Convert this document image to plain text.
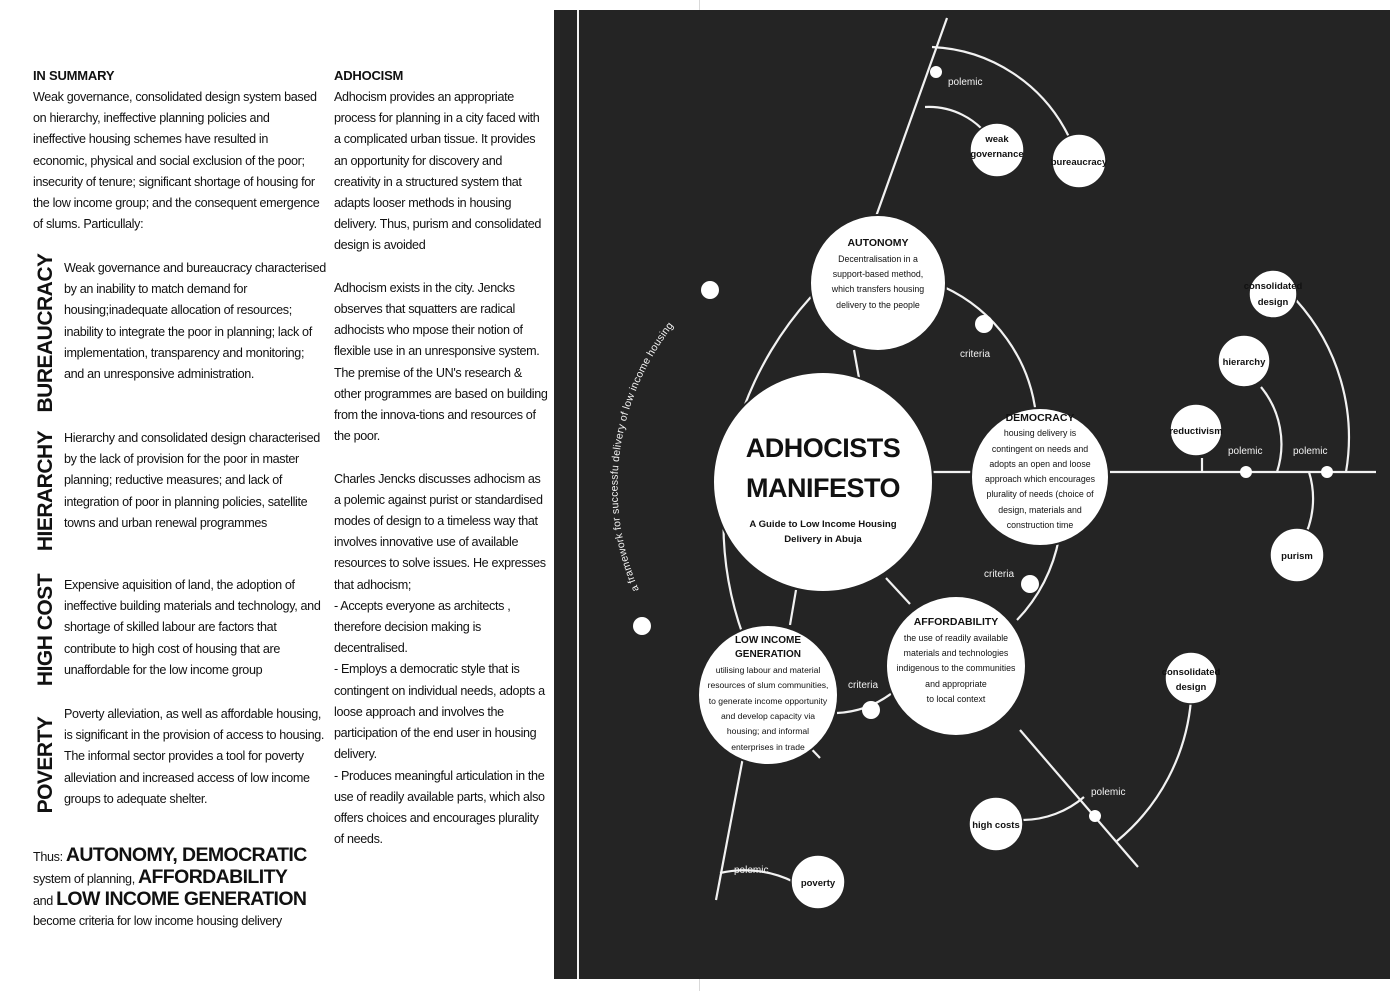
IN SUMMARY

Weak governance, consolidated design system based on hierarchy, ineffective planning policies and ineffective housing schemes have resulted in economic, physical and social exclusion of the poor; insecurity of tenure; significant shortage of housing for the low income group; and the consequent emergence of slums. Particullaly:

BUREAUCRACY Weak governance and bureaucracy characterised by an inability to match demand for housing;inadequate allocation of resources; inability to integrate the poor in planning; lack of implementation, transparency and monitoring; and an unresponsive administration.

HIERARCHY Hierarchy and consolidated design characterised by the lack of provision for the poor in master planning; reductive measures; and lack of integration of poor in planning policies, satellite towns and urban renewal programmes

HIGH COST Expensive aquisition of land, the adoption of ineffective building materials and technology, and shortage of skilled labour are factors that contribute to high cost of housing that are unaffordable for the low income group

POVERTY

Poverty alleviation, as well as affordable housing, is significant in the provision of access to housing. The informal sector provides a tool for poverty alleviation and increased access of low income groups to adequate shelter.

Thus: AUTONOMY, DEMOCRATIC
system of planning, AFFORDABILITY
and LOW INCOME GENERATION
become criteria for low income housing delivery

ADHOCISM

Adhocism provides an appropriate process for planning in a city faced with a complicated urban tissue. It provides an opportunity for discovery and creativity in a structured system that adapts looser methods in housing delivery. Thus, purism and consolidated design is avoided

Adhocism exists in the city. Jencks observes that squatters are radical adhocists who mpose their notion of flexible use in an unresponsive system. The premise of the UN's research & other programmes are based on building from the innova-tions and resources of the poor.

Charles Jencks discusses adhocism as a polemic against purist or standardised modes of design to a timeless way that involves innovative use of available resources to solve issues. He expresses that adhocism;
- Accepts everyone as architects , therefore decision making is decentralised.
- Employs a democratic style that is contingent on individual needs, adopts a loose approach and involves the participation of the end user in housing delivery.
- Produces meaningful articulation in the use of readily available parts, which also offers choices and encourages plurality of needs.

a framework for successfu delivery of low income housing
criteria
criteria
criteria
polemic
polemic	polemic
polemic
polemic
ADHOCISTS
MANIFESTO
A Guide to Low Income Housing
Delivery in Abuja
AUTONOMY
Decentralisation in a
support-based method,
which transfers housing
delivery to the people
DEMOCRACY
housing delivery is
contingent on needs and
adopts an open and loose
approach which encourages
plurality of needs (choice of
design, materials and
construction time
AFFORDABILITY
the use of readily available
materials and technologies
indigenous to the communities
and appropriate
to local context
LOW INCOME
GENERATION
utilising labour and material
resources of slum communities,
to generate income opportunity
and develop capacity via
housing; and informal
enterprises in trade
weak
governance
bureaucracy
consolidated
design
hierarchy
reductivism
purism
consolidated
design
high costs
poverty
